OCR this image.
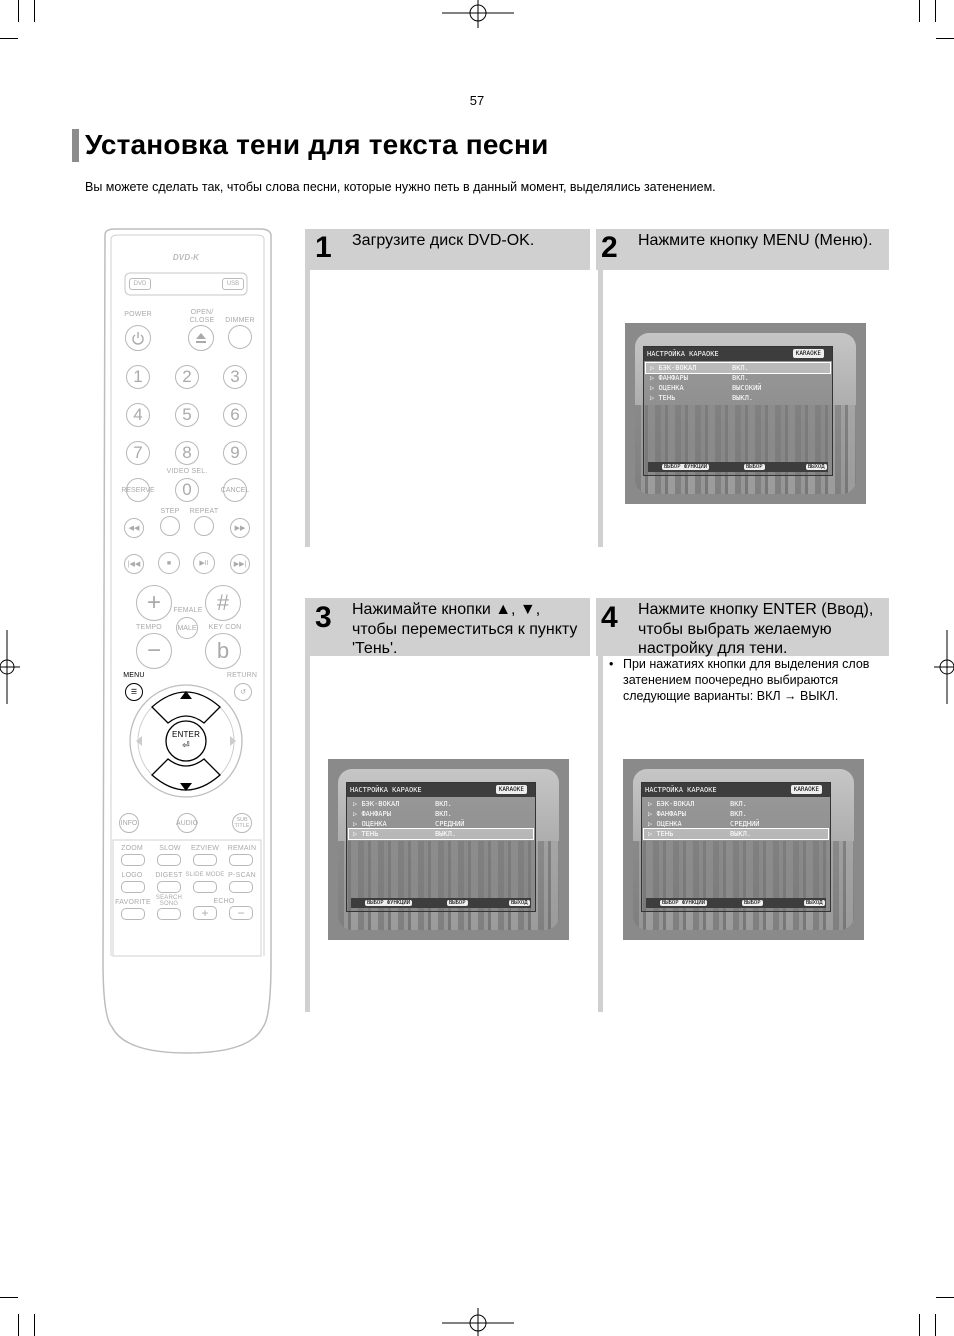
57
Установка тени для текста песни
Вы можете сделать так, чтобы слова песни, которые нужно петь в данный момент, выделялись затенением.
DVD-K
DVD	USB
POWER	OPEN/
CLOSE	DIMMER
1	2	3
4	5	6
7	8	9
VIDEO SEL.
RESERVE	0	CANCEL
STEP	REPEAT
◀◀	▶▶
|◀◀	■	▶II	▶▶|
+	#
FEMALE
TEMPO	MALE KEY CON
−	b
MENU	RETURN
☰	↺
ENTER
⏎
INFO	AUDIO	SUB
TITLE
ZOOM	SLOW	EZVIEW	REMAIN
LOGO	DIGEST SLIDE MODE P-SCAN
FAVORITE
SEARCH
SONG	ECHO
+	−
1 Загрузите диск DVD-OK.	2 Нажмите кнопку MENU (Меню).
НАСТРОЙКА КАРАОКЕ	KARAOKE
▷ БЭК-ВОКАЛ	ВКЛ.
▷ ФАНФАРЫ	ВКЛ.
▷ ОЦЕНКА	ВЫСОКИЙ
▷ ТЕНЬ	ВЫКЛ.
ВЫБОР ФУНКЦИИ	ВЫБОР	ВЫХОД
3 Нажимайте кнопки ▲, ▼, чтобы переместиться к пункту 'Тень'.
НАСТРОЙКА КАРАОКЕ	KARAOKE
▷ БЭК-ВОКАЛ	ВКЛ.
▷ ФАНФАРЫ	ВКЛ.
▷ ОЦЕНКА	СРЕДНИЙ
▷ ТЕНЬ	ВЫКЛ.
ВЫБОР ФУНКЦИИ	ВЫБОР	ВЫХОД
4 Нажмите кнопку ENTER (Ввод), чтобы выбрать желаемую настройку для тени.
• При нажатиях кнопки для выделения слов затенением поочередно выбираются следующие варианты: ВКЛ → ВЫКЛ.
НАСТРОЙКА КАРАОКЕ	KARAOKE
▷ БЭК-ВОКАЛ	ВКЛ.
▷ ФАНФАРЫ	ВКЛ.
▷ ОЦЕНКА	СРЕДНИЙ
▷ ТЕНЬ	ВЫКЛ.
ВЫБОР ФУНКЦИИ	ВЫБОР	ВЫХОД
